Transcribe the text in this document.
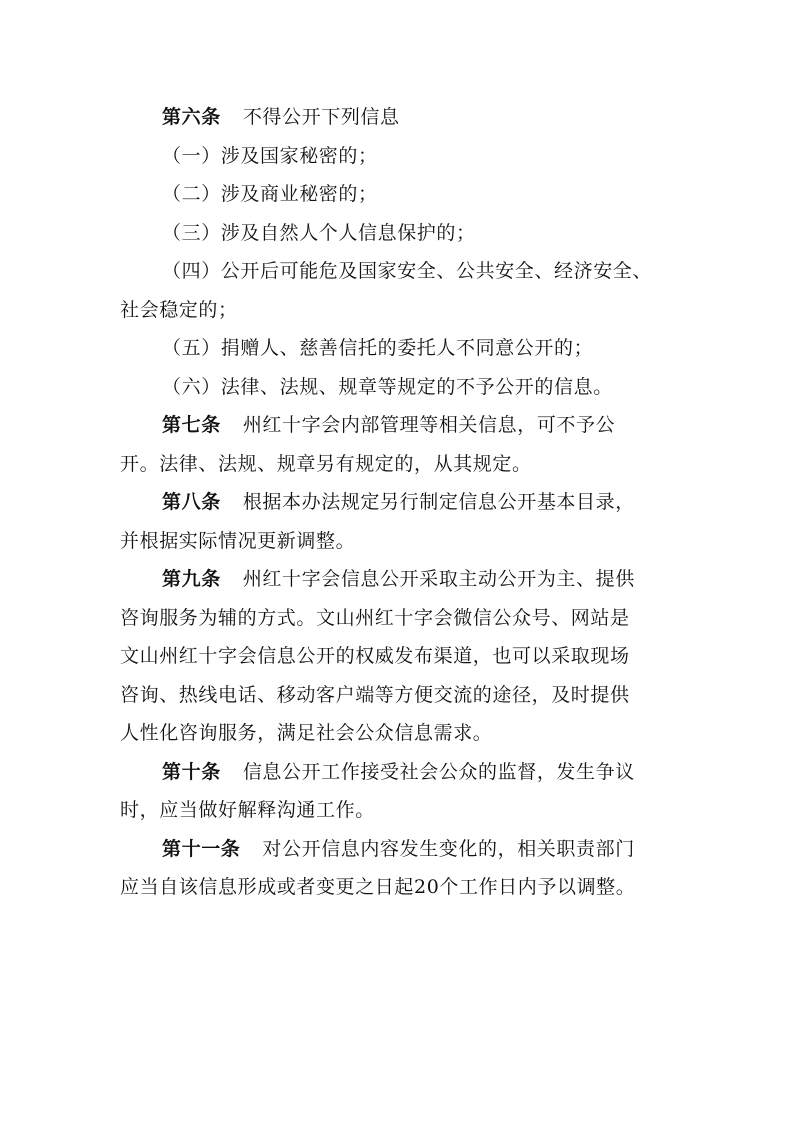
第六条 不得公开下列信息
（一）涉及国家秘密的；
（二）涉及商业秘密的；
（三）涉及自然人个人信息保护的；
（四）公开后可能危及国家安全、公共安全、经济安全、
社会稳定的；
（五）捐赠人、慈善信托的委托人不同意公开的；
（六）法律、法规、规章等规定的不予公开的信息。
第七条 州红十字会内部管理等相关信息，可不予公
开。法律、法规、规章另有规定的，从其规定。
第八条 根据本办法规定另行制定信息公开基本目录，
并根据实际情况更新调整。
第九条 州红十字会信息公开采取主动公开为主、提供
咨询服务为辅的方式。文山州红十字会微信公众号、网站是
文山州红十字会信息公开的权威发布渠道，也可以采取现场
咨询、热线电话、移动客户端等方便交流的途径，及时提供
人性化咨询服务，满足社会公众信息需求。
第十条 信息公开工作接受社会公众的监督，发生争议
时，应当做好解释沟通工作。
第十一条 对公开信息内容发生变化的，相关职责部门
应当自该信息形成或者变更之日起20个工作日内予以调整。
